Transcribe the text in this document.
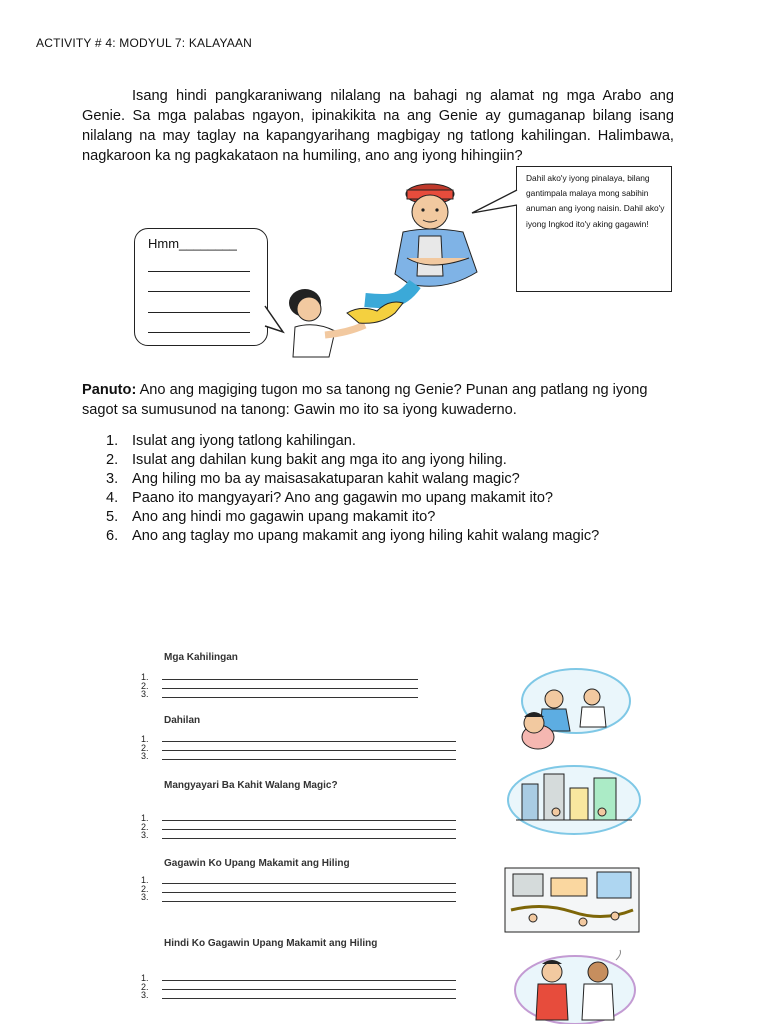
ACTIVITY # 4: MODYUL 7: KALAYAAN

Isang hindi pangkaraniwang nilalang na bahagi ng alamat ng mga Arabo ang Genie. Sa mga palabas ngayon, ipinakikita na ang Genie ay gumaganap bilang isang nilalang na may taglay na kapangyarihang magbigay ng tatlong kahilingan. Halimbawa, nagkaroon ka ng pagkakataon na humiling, ano ang iyong hihingiin?

Hmm________
Dahil ako'y iyong pinalaya, bilang gantimpala malaya mong sabihin anuman ang iyong naisin. Dahil ako'y iyong Ingkod ito'y aking gagawin!
Panuto: Ano ang magiging tugon mo sa tanong ng Genie? Punan ang patlang ng iyong sagot sa sumusunod na tanong: Gawin mo ito sa iyong kuwaderno.
1. Isulat ang iyong tatlong kahilingan.
2. Isulat ang dahilan kung bakit ang mga ito ang iyong hiling.
3. Ang hiling mo ba ay maisasakatuparan kahit walang magic?
4. Paano ito mangyayari? Ano ang gagawin mo upang makamit ito?
5. Ano ang hindi mo gagawin upang makamit ito?
6. Ano ang taglay mo upang makamit ang iyong hiling kahit walang magic?
Mga Kahilingan
1.
2.
3.
Dahilan
1.
2.
3.
Mangyayari Ba Kahit Walang Magic?
1.
2.
3.
Gagawin Ko Upang Makamit ang Hiling
1.
2.
3.
Hindi Ko Gagawin Upang Makamit ang Hiling
1.
2.
3.
